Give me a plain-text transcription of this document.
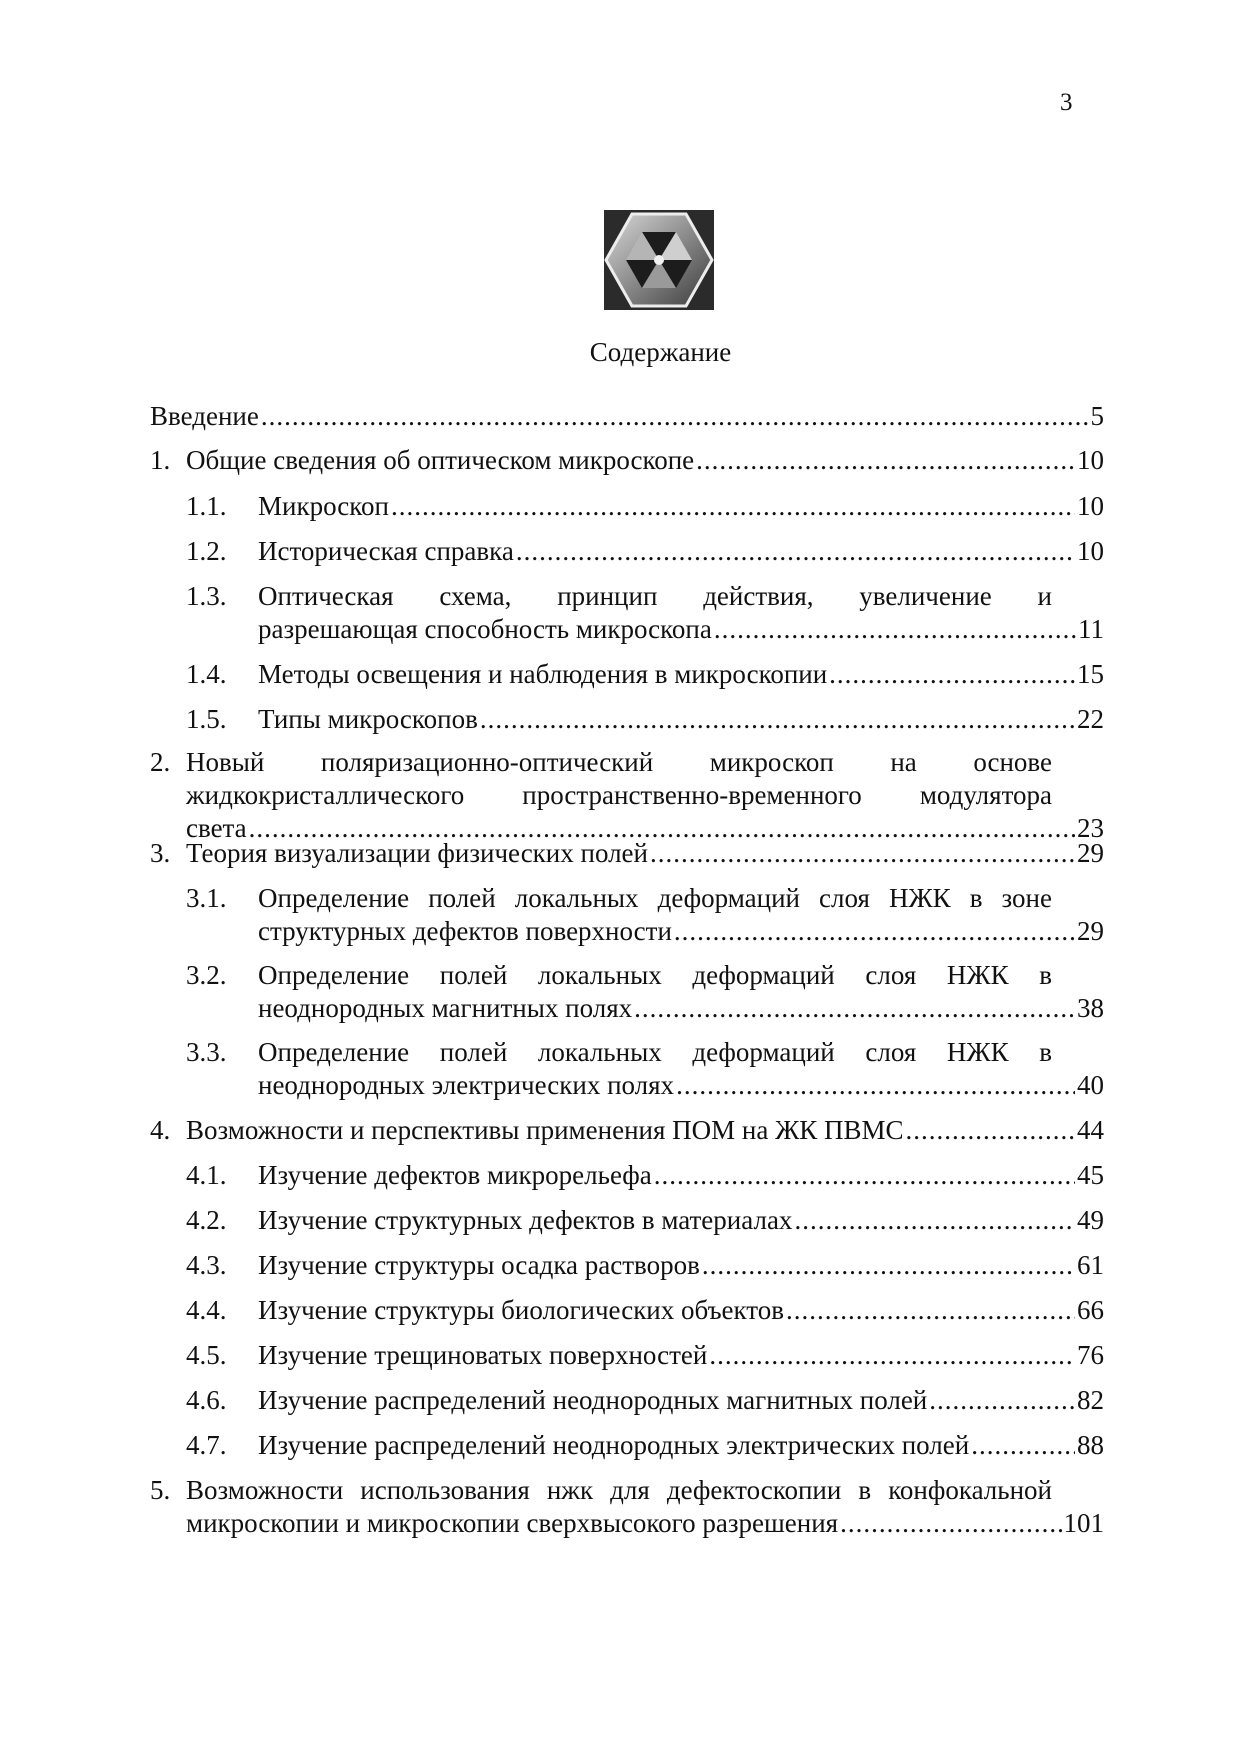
3
Содержание
Введение .....	5
1. Общие сведения об оптическом микроскопе .....	10
1.1. Микроскоп .....	10
1.2. Историческая справка .....	10
1.3. Оптическая схема, принцип действия, увеличение и
разрешающая способность микроскопа .....	11
1.4. Методы освещения и наблюдения в микроскопии .....	15
1.5. Типы микроскопов .....	22
2. Новый поляризационно-оптический микроскоп на основе
жидкокристаллического пространственно-временного модулятора
света .....	23
3. Теория визуализации физических полей .....	29
3.1. Определение полей локальных деформаций слоя НЖК в зоне
структурных дефектов поверхности .....	29
3.2. Определение полей локальных деформаций слоя НЖК в
неоднородных магнитных полях .....	38
3.3. Определение полей локальных деформаций слоя НЖК в
неоднородных электрических полях .....	40
4. Возможности и перспективы применения ПОМ на ЖК ПВМС .....	44
4.1. Изучение дефектов микрорельефа .....	45
4.2. Изучение структурных дефектов в материалах .....	49
4.3. Изучение структуры осадка растворов .....	61
4.4. Изучение структуры биологических объектов .....	66
4.5. Изучение трещиноватых поверхностей .....	76
4.6. Изучение распределений неоднородных магнитных полей .....	82
4.7. Изучение распределений неоднородных электрических полей .....	88
5. Возможности использования нжк для дефектоскопии в конфокальной
микроскопии и микроскопии сверхвысокого разрешения .....	101
